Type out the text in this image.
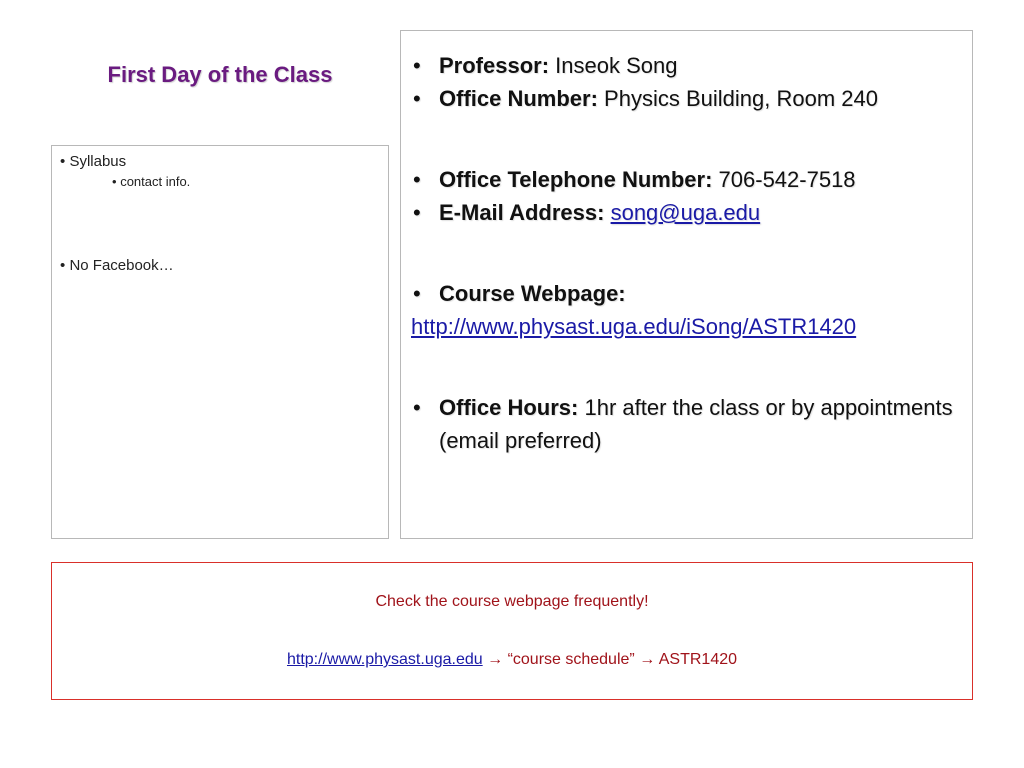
First Day of the Class
• Syllabus
• contact info.
• No Facebook…
• Professor: Inseok Song
• Office Number: Physics Building, Room 240
• Office Telephone Number: 706-542-7518
• E-Mail Address: song@uga.edu
• Course Webpage:
http://www.physast.uga.edu/iSong/ASTR1420
• Office Hours: 1hr after the class or by appointments (email preferred)
Check the course webpage frequently!
http://www.physast.uga.edu → “course schedule” → ASTR1420
